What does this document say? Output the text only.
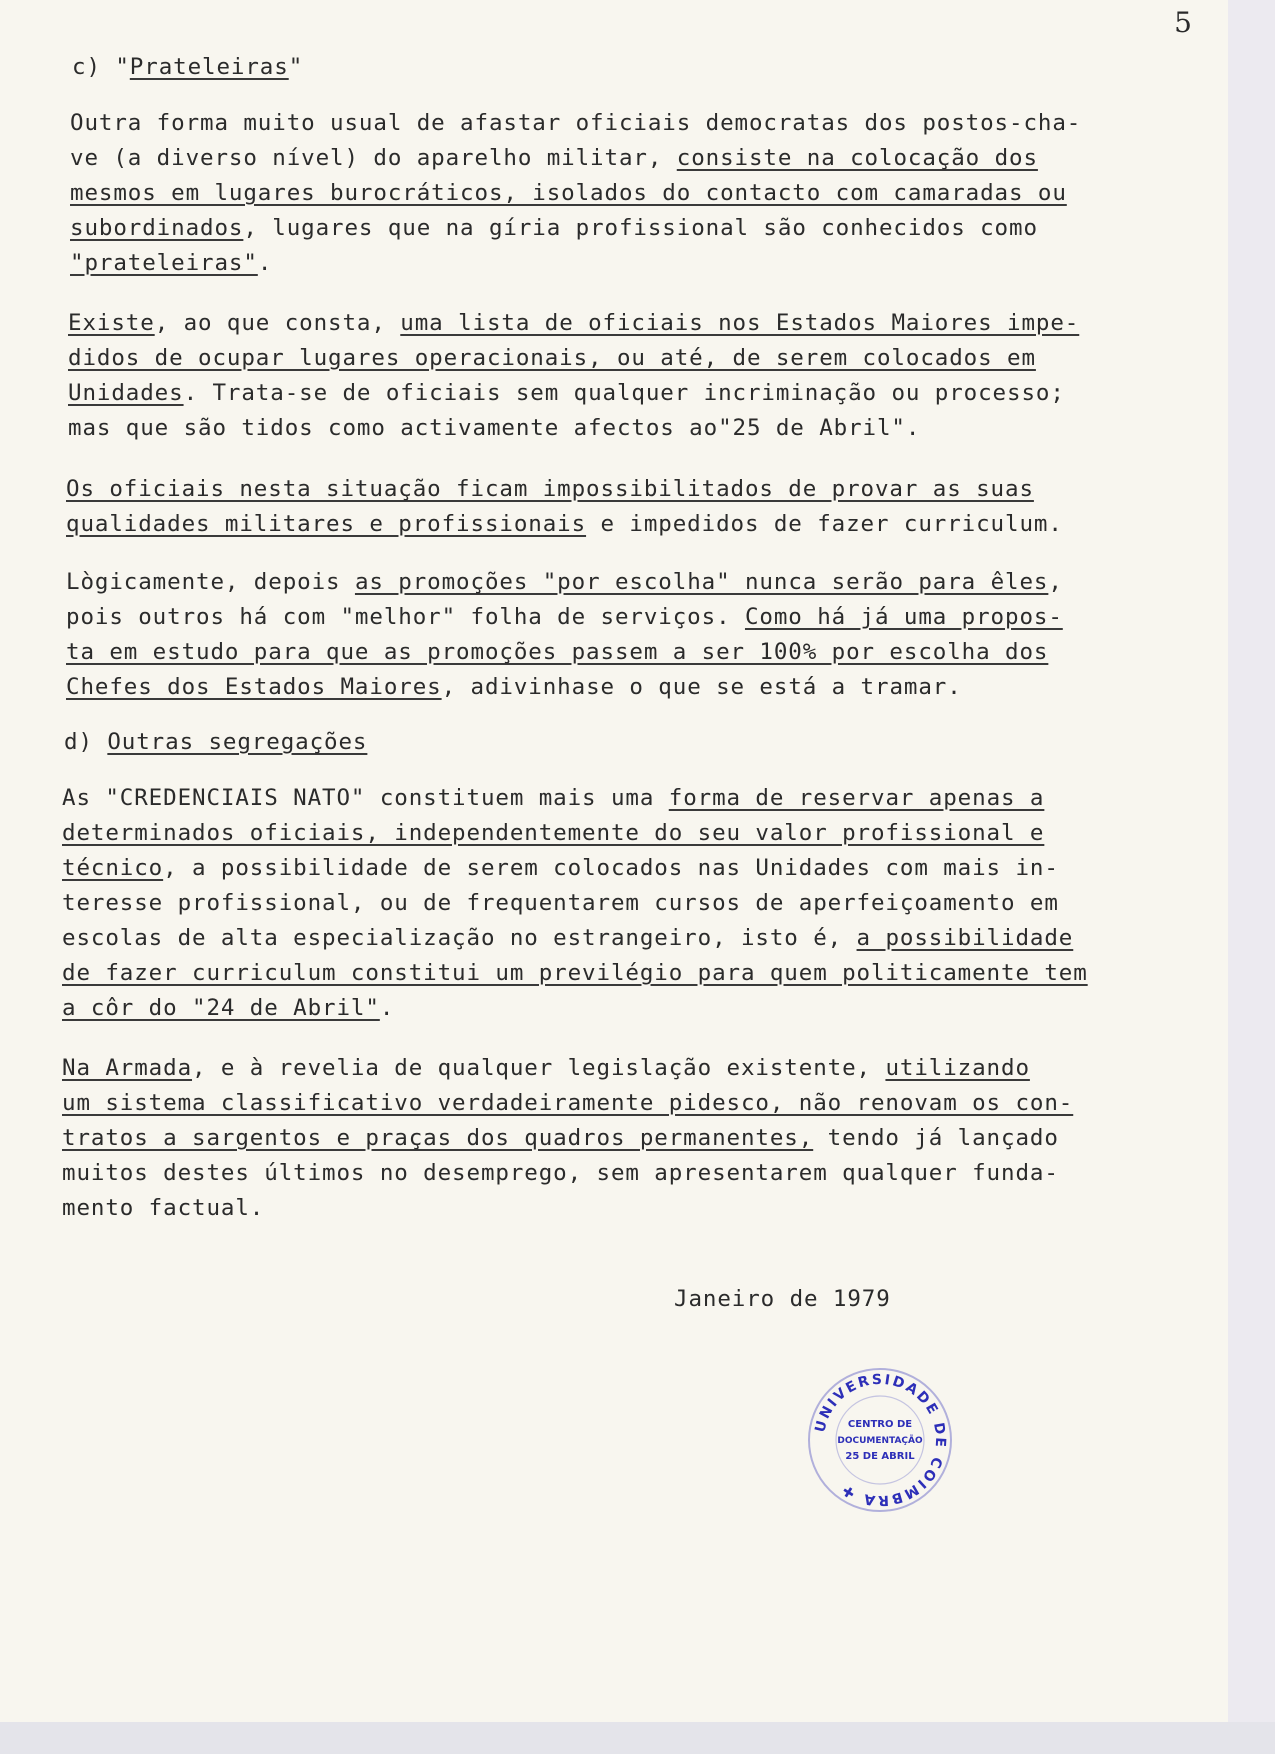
5
c) "Prateleiras"
Outra forma muito usual de afastar oficiais democratas dos postos-cha-
ve (a diverso nível) do aparelho militar, consiste na colocação dos
mesmos em lugares burocráticos, isolados do contacto com camaradas ou
subordinados, lugares que na gíria profissional são conhecidos como
"prateleiras".
Existe, ao que consta, uma lista de oficiais nos Estados Maiores impe-
didos de ocupar lugares operacionais, ou até, de serem colocados em
Unidades. Trata-se de oficiais sem qualquer incriminação ou processo;
mas que são tidos como activamente afectos ao"25 de Abril".
Os oficiais nesta situação ficam impossibilitados de provar as suas
qualidades militares e profissionais e impedidos de fazer curriculum.
Lògicamente, depois as promoções "por escolha" nunca serão para êles,
pois outros há com "melhor" folha de serviços. Como há já uma propos-
ta em estudo para que as promoções passem a ser 100% por escolha dos
Chefes dos Estados Maiores, adivinhase o que se está a tramar.
d) Outras segregações
As "CREDENCIAIS NATO" constituem mais uma forma de reservar apenas a
determinados oficiais, independentemente do seu valor profissional e
técnico, a possibilidade de serem colocados nas Unidades com mais in-
teresse profissional, ou de frequentarem cursos de aperfeiçoamento em
escolas de alta especialização no estrangeiro, isto é, a possibilidade
de fazer curriculum constitui um previlégio para quem politicamente tem
a côr do "24 de Abril".
Na Armada, e à revelia de qualquer legislação existente, utilizando
um sistema classificativo verdadeiramente pidesco, não renovam os con-
tratos a sargentos e praças dos quadros permanentes, tendo já lançado
muitos destes últimos no desemprego, sem apresentarem qualquer funda-
mento factual.
Janeiro de 1979
UNIVERSIDADE DE COIMBRA ✚
CENTRO DE
DOCUMENTAÇÃO
25 DE ABRIL
